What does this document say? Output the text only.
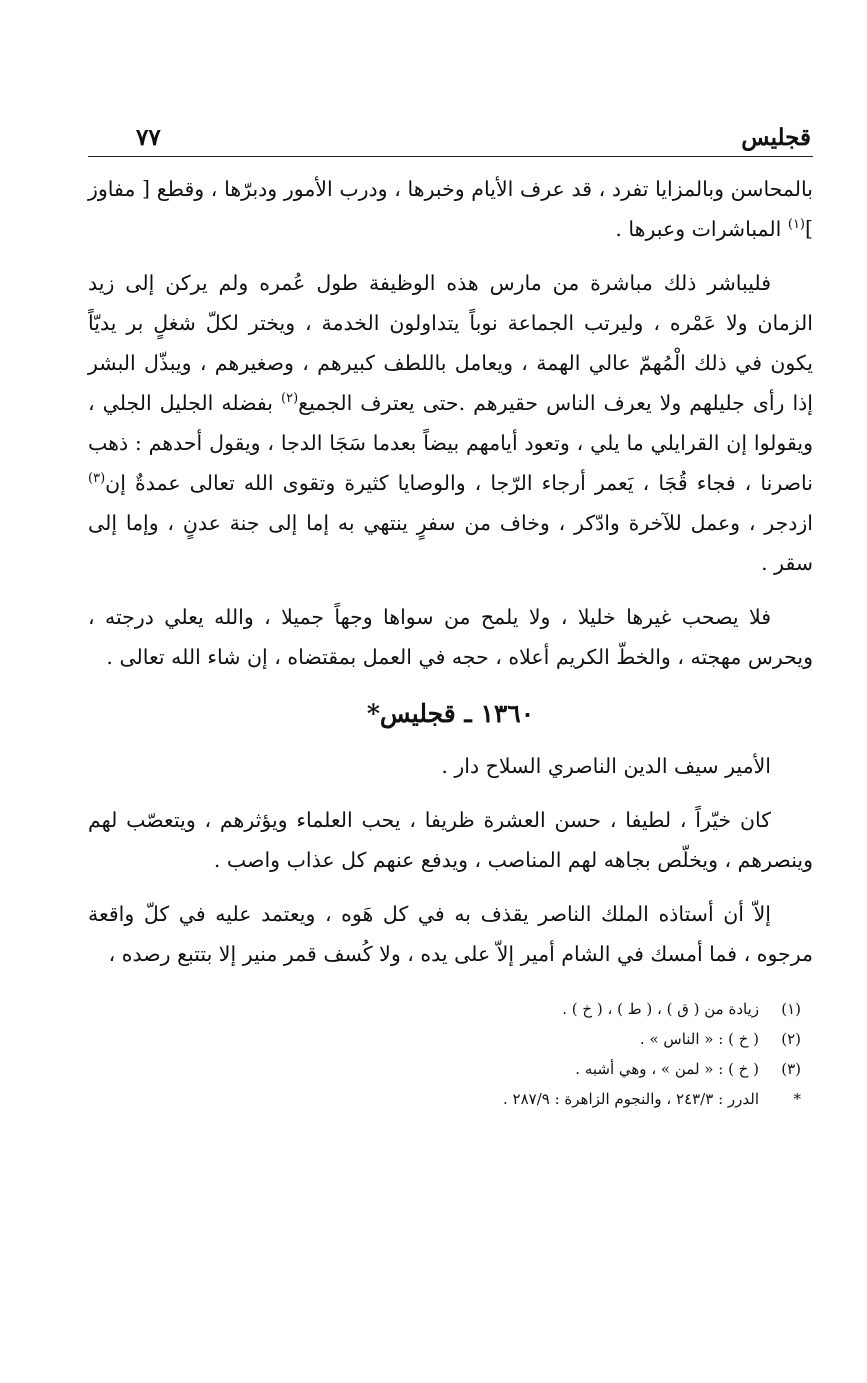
قجليس
٧٧

بالمحاسن وبالمزايا تفرد ، قد عرف الأيام وخبرها ، ودرب الأمور ودبرّها ، وقطع [ مفاوز ]$^{(١)}$ المباشرات وعبرها .

فليباشر ذلك مباشرة من مارس هذه الوظيفة طول عُمره ولم يركن إلى زيد الزمان ولا عَمْره ، وليرتب الجماعة نوباً يتداولون الخدمة ، ويختر لكلّ شغلٍ بر يديّاً يكون في ذلك الْمُهمّ عالي الهمة ، ويعامل باللطف كبيرهم ، وصغيرهم ، ويبذّل البشر إذا رأى جليلهم ولا يعرف الناس حقيرهم .حتى يعترف الجميع$^{(٢)}$ بفضله الجليل الجلي ، ويقولوا إن القرايلي ما يلي ، وتعود أيامهم بيضاً بعدما سَجَا الدجا ، ويقول أحدهم : ذهب ناصرنا ، فجاء قُجَا ، يَعمر أرجاء الرّجا ، والوصايا كثيرة وتقوى الله تعالى عمدةٌ إن$^{(٣)}$ ازدجر ، وعمل للآخرة وادّكر ، وخاف من سفرٍ ينتهي به إما إلى جنة عدنٍ ، وإما إلى سقر .

فلا يصحب غيرها خليلا ، ولا يلمح من سواها وجهاً جميلا ، والله يعلي درجته ، ويحرس مهجته ، والخطّ الكريم أعلاه ، حجه في العمل بمقتضاه ، إن شاء الله تعالى .

١٣٦٠ ـ قجليس*

الأمير سيف الدين الناصري السلاح دار .

كان خيّراً ، لطيفا ، حسن العشرة ظريفا ، يحب العلماء ويؤثرهم ، ويتعصّب لهم وينصرهم ، ويخلّص بجاهه لهم المناصب ، ويدفع عنهم كل عذاب واصب .

إلاّ أن أستاذه الملك الناصر يقذف به في كل هَوه ، ويعتمد عليه في كلّ واقعة مرجوه ، فما أمسك في الشام أمير إلاّ على يده ، ولا كُسف قمر منير إلا بتتبع رصده ،

(١)
زيادة من ( ق ) ، ( ط ) ، ( خ ) .
(٢)
( خ ) : « الناس » .
(٣)
( خ ) : « لمن » ، وهي أشبه .
*
الدرر : ٢٤٣/٣ ، والنجوم الزاهرة : ٢٨٧/٩ .
